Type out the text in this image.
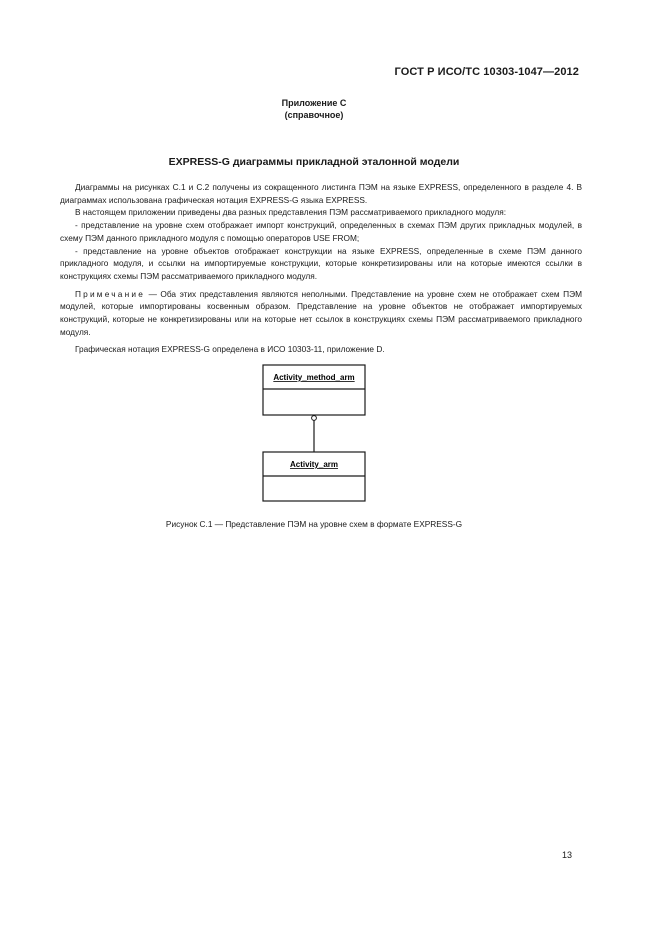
ГОСТ Р ИСО/ТС 10303-1047—2012
Приложение С
(справочное)
EXPRESS-G диаграммы прикладной эталонной модели

Диаграммы на рисунках С.1 и С.2 получены из сокращенного листинга ПЭМ на языке EXPRESS, определенного в разделе 4. В диаграммах использована графическая нотация EXPRESS-G языка EXPRESS.

В настоящем приложении приведены два разных представления ПЭМ рассматриваемого прикладного модуля:

- представление на уровне схем отображает импорт конструкций, определенных в схемах ПЭМ других прикладных модулей, в схему ПЭМ данного прикладного модуля с помощью операторов USE FROM;

- представление на уровне объектов отображает конструкции на языке EXPRESS, определенные в схеме ПЭМ данного прикладного модуля, и ссылки на импортируемые конструкции, которые конкретизированы или на которые имеются ссылки в конструкциях схемы ПЭМ рассматриваемого прикладного модуля.

Примечание — Оба этих представления являются неполными. Представление на уровне схем не отображает схем ПЭМ модулей, которые импортированы косвенным образом. Представление на уровне объектов не отображает импортируемых конструкций, которые не конкретизированы или на которые нет ссылок в конструкциях схемы ПЭМ рассматриваемого прикладного модуля.

Графическая нотация EXPRESS-G определена в ИСО 10303-11, приложение D.

Activity_method_arm
Activity_arm
Рисунок С.1 — Представление ПЭМ на уровне схем в формате EXPRESS-G
13
